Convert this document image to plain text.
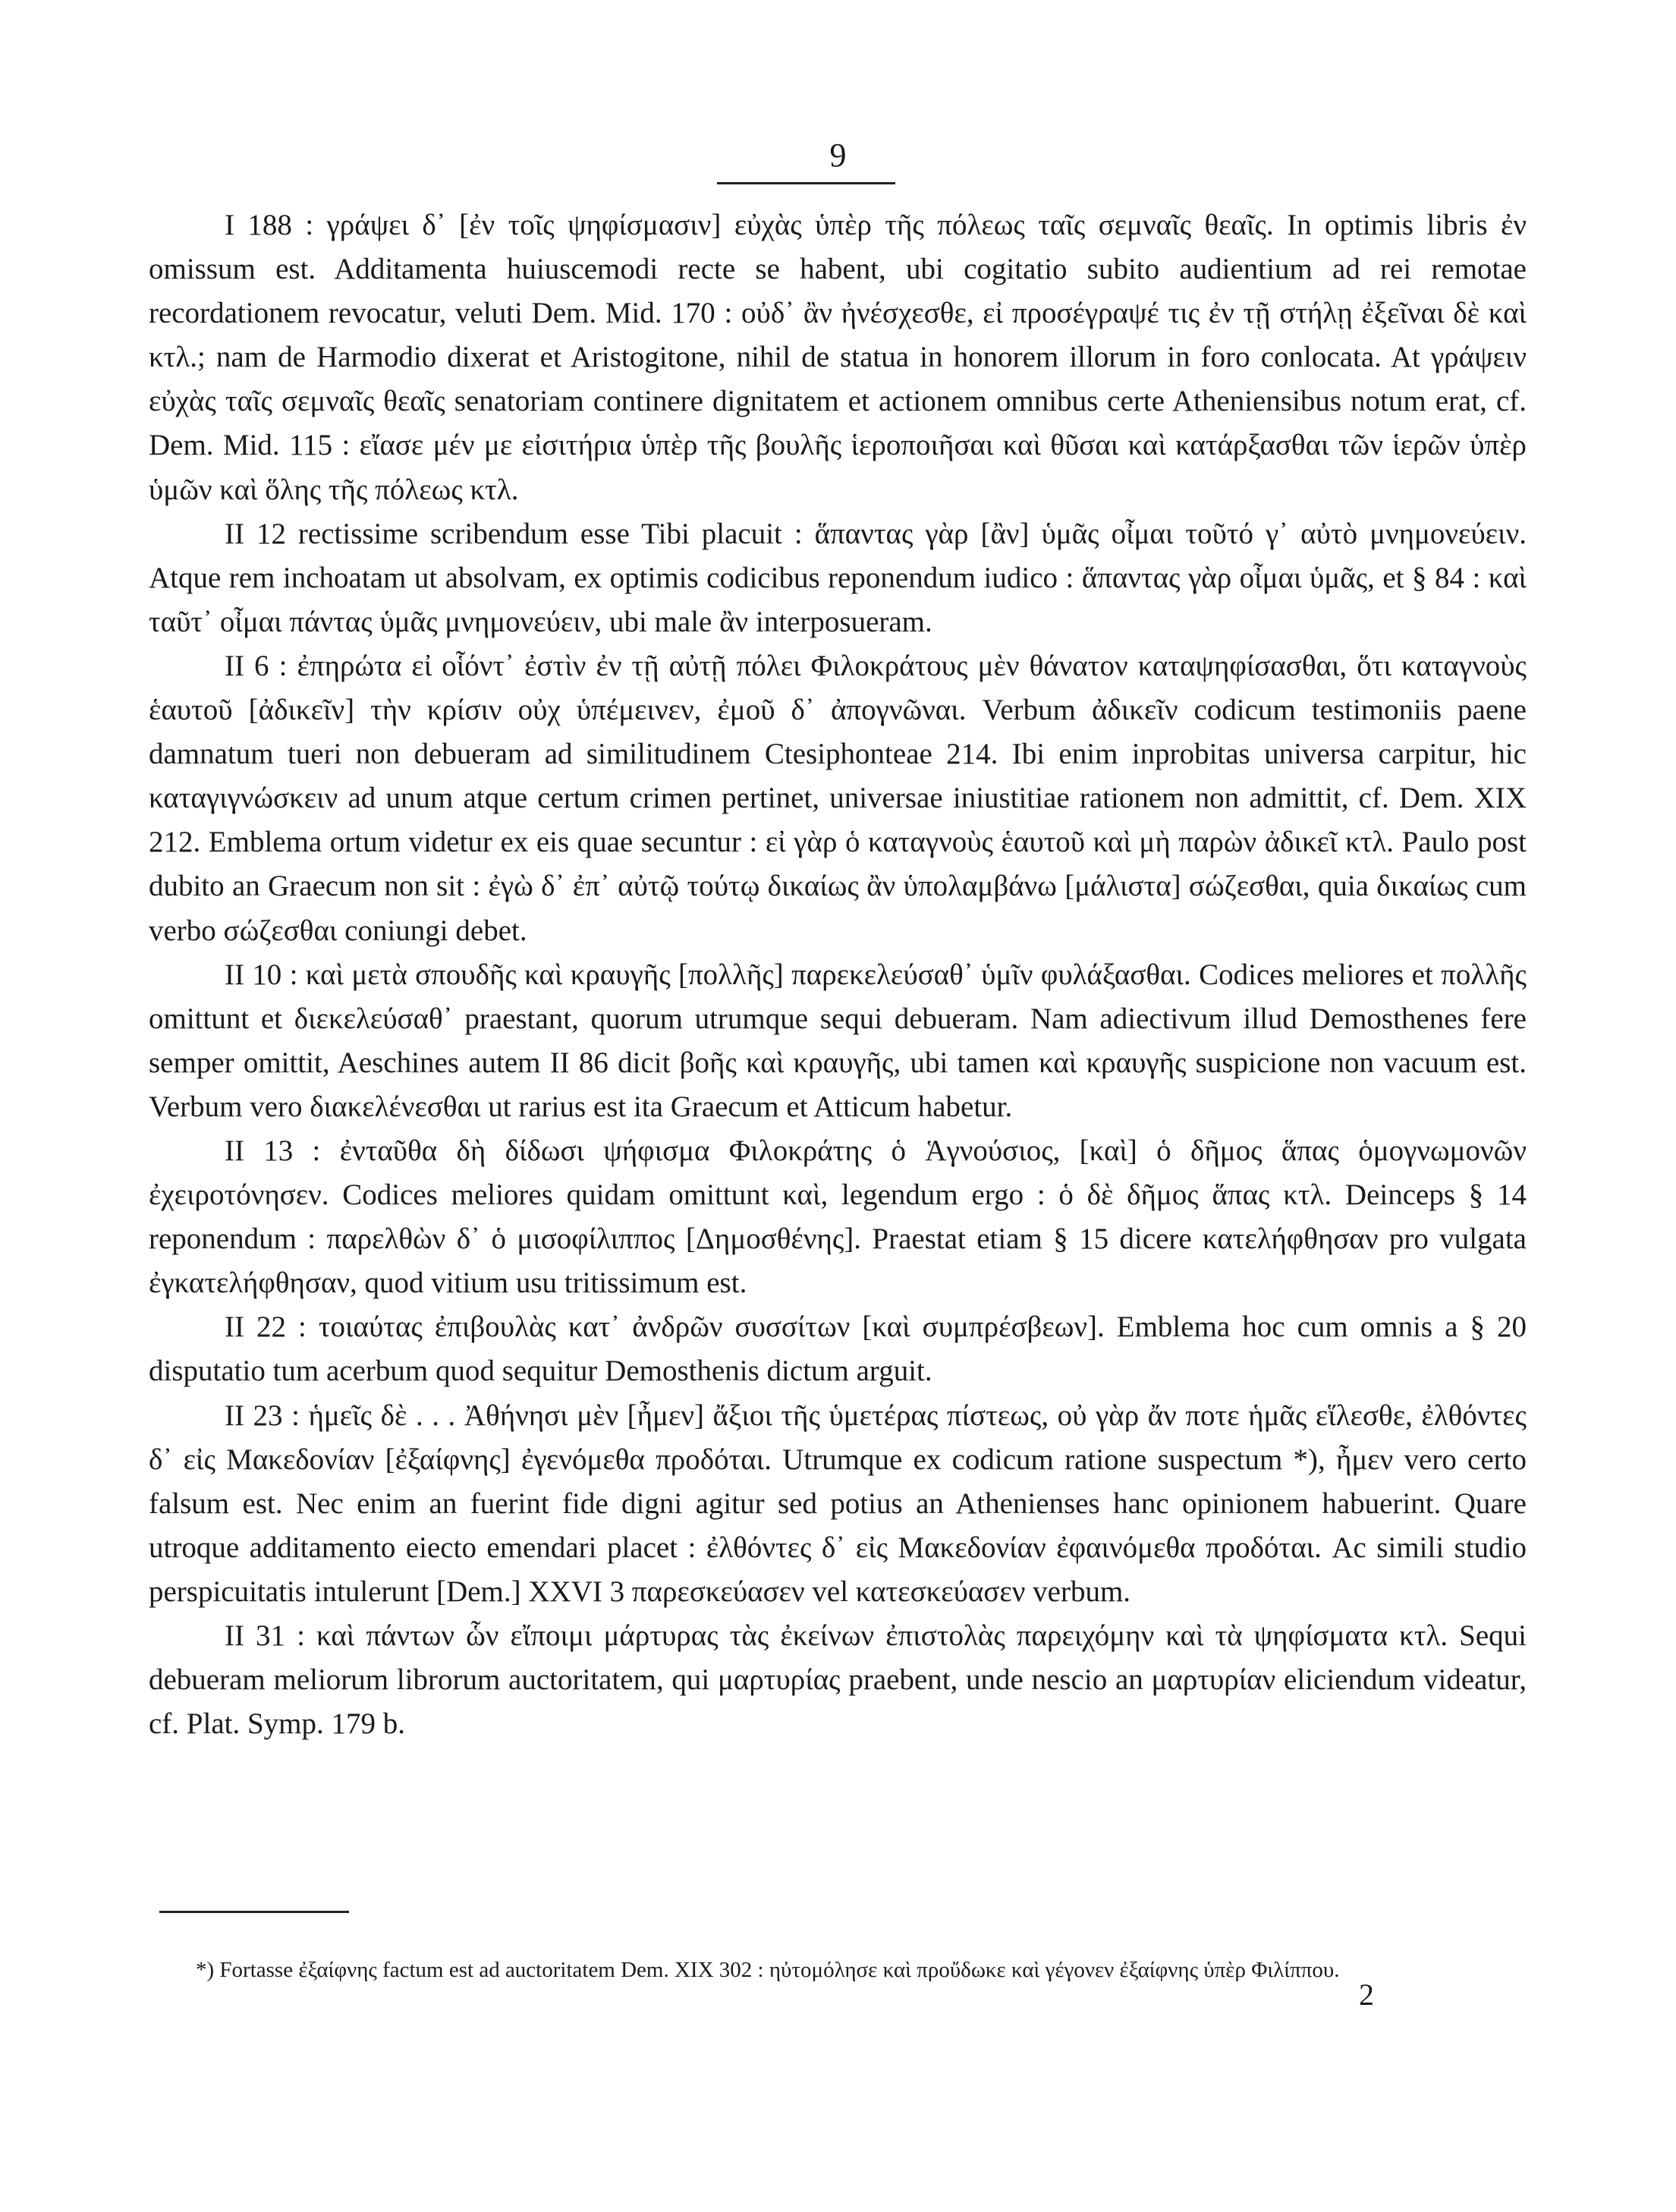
9

I 188 : γράψει δ᾽ [ἐν τοῖς ψηφίσμασιν] εὐχὰς ὑπὲρ τῆς πόλεως ταῖς σεμναῖς θεαῖς. In optimis libris ἐν omissum est. Additamenta huiuscemodi recte se habent, ubi cogitatio subito audientium ad rei remotae recordationem revocatur, veluti Dem. Mid. 170 : οὐδ᾽ ἂν ἠνέσχεσθε, εἰ προσέγραψέ τις ἐν τῇ στήλῃ ἐξεῖναι δὲ καὶ κτλ.; nam de Harmodio dixerat et Aristogitone, nihil de statua in honorem illorum in foro conlocata. At γράψειν εὐχὰς ταῖς σεμναῖς θεαῖς senatoriam continere dignitatem et actionem omnibus certe Atheniensibus notum erat, cf. Dem. Mid. 115 : εἴασε μέν με εἰσιτήρια ὑπὲρ τῆς βουλῆς ἱεροποιῆσαι καὶ θῦσαι καὶ κατάρξασθαι τῶν ἱερῶν ὑπὲρ ὑμῶν καὶ ὅλης τῆς πόλεως κτλ.

II 12 rectissime scribendum esse Tibi placuit : ἅπαντας γὰρ [ἂν] ὑμᾶς οἶμαι τοῦτό γ᾽ αὐτὸ μνημονεύειν. Atque rem inchoatam ut absolvam, ex optimis codicibus reponendum iudico : ἅπαντας γὰρ οἶμαι ὑμᾶς, et § 84 : καὶ ταῦτ᾽ οἶμαι πάντας ὑμᾶς μνημονεύειν, ubi male ἂν interposueram.

II 6 : ἐπηρώτα εἰ οἷόντ᾽ ἐστὶν ἐν τῇ αὐτῇ πόλει Φιλοκράτους μὲν θάνατον καταψηφίσασθαι, ὅτι καταγνοὺς ἑαυτοῦ [ἀδικεῖν] τὴν κρίσιν οὐχ ὑπέμεινεν, ἐμοῦ δ᾽ ἀπογνῶναι. Verbum ἀδικεῖν codicum testimoniis paene damnatum tueri non debueram ad similitudinem Ctesiphonteae 214. Ibi enim inprobitas universa carpitur, hic καταγιγνώσκειν ad unum atque certum crimen pertinet, universae iniustitiae rationem non admittit, cf. Dem. XIX 212. Emblema ortum videtur ex eis quae secuntur : εἰ γὰρ ὁ καταγνοὺς ἑαυτοῦ καὶ μὴ παρὼν ἀδικεῖ κτλ. Paulo post dubito an Graecum non sit : ἐγὼ δ᾽ ἐπ᾽ αὐτῷ τούτῳ δικαίως ἂν ὑπολαμβάνω [μάλιστα] σώζεσθαι, quia δικαίως cum verbo σώζεσθαι coniungi debet.

II 10 : καὶ μετὰ σπουδῆς καὶ κραυγῆς [πολλῆς] παρεκελεύσαθ᾽ ὑμῖν φυλάξασθαι. Codices meliores et πολλῆς omittunt et διεκελεύσαθ᾽ praestant, quorum utrumque sequi debueram. Nam adiectivum illud Demosthenes fere semper omittit, Aeschines autem II 86 dicit βοῆς καὶ κραυγῆς, ubi tamen καὶ κραυγῆς suspicione non vacuum est. Verbum vero διακελένεσθαι ut rarius est ita Graecum et Atticum habetur.

II 13 : ἐνταῦθα δὴ δίδωσι ψήφισμα Φιλοκράτης ὁ Ἁγνούσιος, [καὶ] ὁ δῆμος ἅπας ὁμογνωμονῶν ἐχειροτόνησεν. Codices meliores quidam omittunt καὶ, legendum ergo : ὁ δὲ δῆμος ἅπας κτλ. Deinceps § 14 reponendum : παρελθὼν δ᾽ ὁ μισοφίλιππος [Δημοσθένης]. Praestat etiam § 15 dicere κατελήφθησαν pro vulgata ἐγκατελήφθησαν, quod vitium usu tritissimum est.

II 22 : τοιαύτας ἐπιβουλὰς κατ᾽ ἀνδρῶν συσσίτων [καὶ συμπρέσβεων]. Emblema hoc cum omnis a § 20 disputatio tum acerbum quod sequitur Demosthenis dictum arguit.

II 23 : ἡμεῖς δὲ . . . Ἀθήνησι μὲν [ἦμεν] ἄξιοι τῆς ὑμετέρας πίστεως, οὐ γὰρ ἄν ποτε ἡμᾶς εἵλεσθε, ἐλθόντες δ᾽ εἰς Μακεδονίαν [ἐξαίφνης] ἐγενόμεθα προδόται. Utrumque ex codicum ratione suspectum *), ἦμεν vero certo falsum est. Nec enim an fuerint fide digni agitur sed potius an Athenienses hanc opinionem habuerint. Quare utroque additamento eiecto emendari placet : ἐλθόντες δ᾽ εἰς Μακεδονίαν ἐφαινόμεθα προδόται. Ac simili studio perspicuitatis intulerunt [Dem.] XXVI 3 παρεσκεύασεν vel κατεσκεύασεν verbum.

II 31 : καὶ πάντων ὧν εἴποιμι μάρτυρας τὰς ἐκείνων ἐπιστολὰς παρειχόμην καὶ τὰ ψηφίσματα κτλ. Sequi debueram meliorum librorum auctoritatem, qui μαρτυρίας praebent, unde nescio an μαρτυρίαν eliciendum videatur, cf. Plat. Symp. 179 b.

*) Fortasse ἐξαίφνης factum est ad auctoritatem Dem. XIX 302 : ηὐτομόλησε καὶ προὔδωκε καὶ γέγονεν ἐξαίφνης ὑπὲρ Φιλίππου.

2
